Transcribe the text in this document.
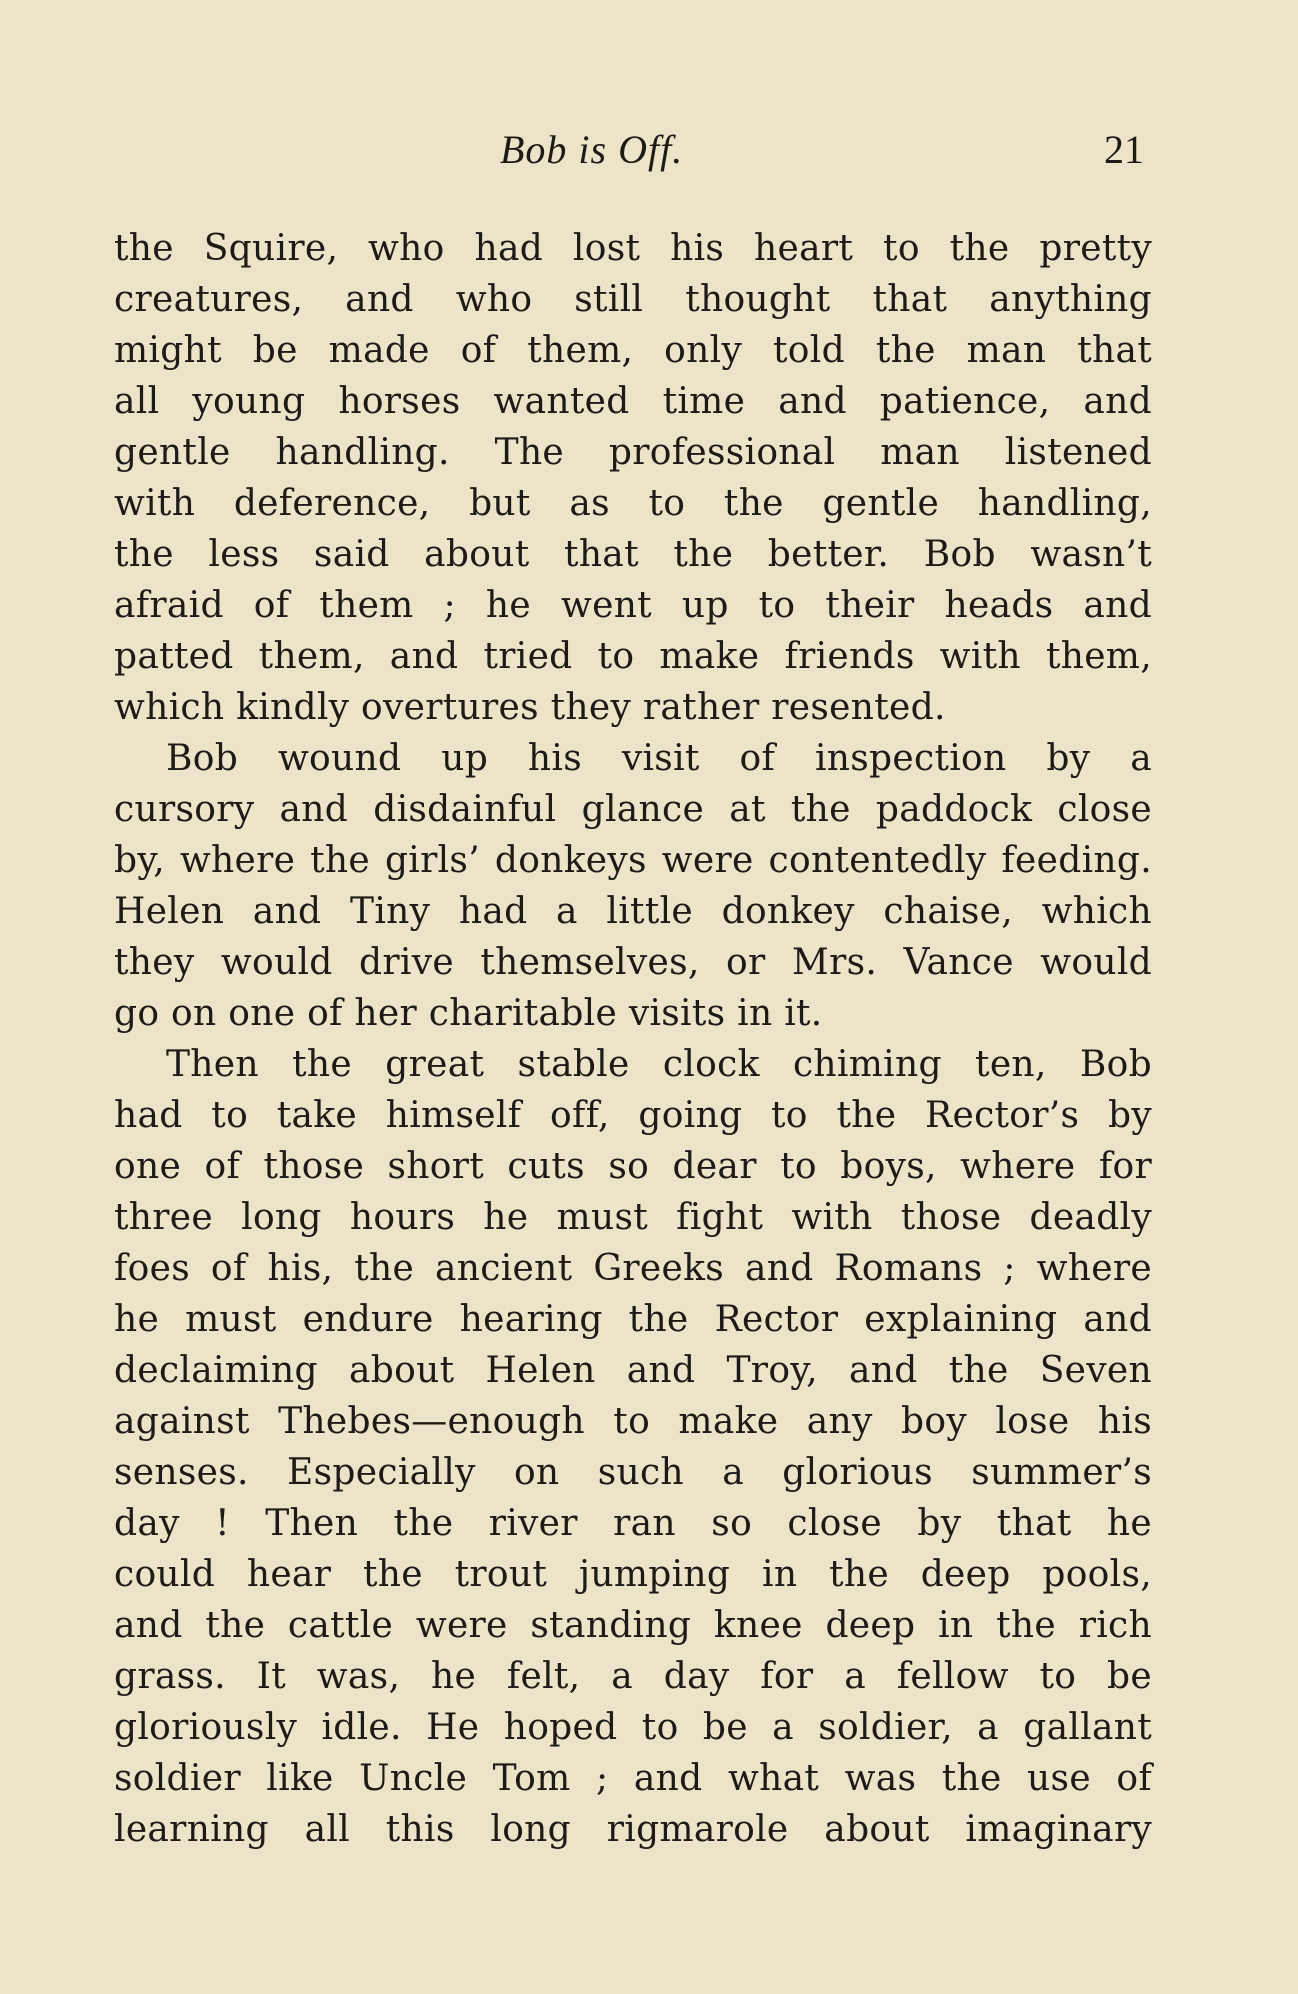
Bob is Off.	21
the Squire, who had lost his heart to the pretty
creatures, and who still thought that anything
might be made of them, only told the man that
all young horses wanted time and patience, and
gentle handling. The professional man listened
with deference, but as to the gentle handling,
the less said about that the better. Bob wasn’t
afraid of them ; he went up to their heads and
patted them, and tried to make friends with them,
which kindly overtures they rather resented.
Bob wound up his visit of inspection by a
cursory and disdainful glance at the paddock close
by, where the girls’ donkeys were contentedly feeding.
Helen and Tiny had a little donkey chaise, which
they would drive themselves, or Mrs. Vance would
go on one of her charitable visits in it.
Then the great stable clock chiming ten, Bob
had to take himself off, going to the Rector’s by
one of those short cuts so dear to boys, where for
three long hours he must fight with those deadly
foes of his, the ancient Greeks and Romans ; where
he must endure hearing the Rector explaining and
declaiming about Helen and Troy, and the Seven
against Thebes—enough to make any boy lose his
senses. Especially on such a glorious summer’s
day ! Then the river ran so close by that he
could hear the trout jumping in the deep pools,
and the cattle were standing knee deep in the rich
grass. It was, he felt, a day for a fellow to be
gloriously idle. He hoped to be a soldier, a gallant
soldier like Uncle Tom ; and what was the use of
learning all this long rigmarole about imaginary
